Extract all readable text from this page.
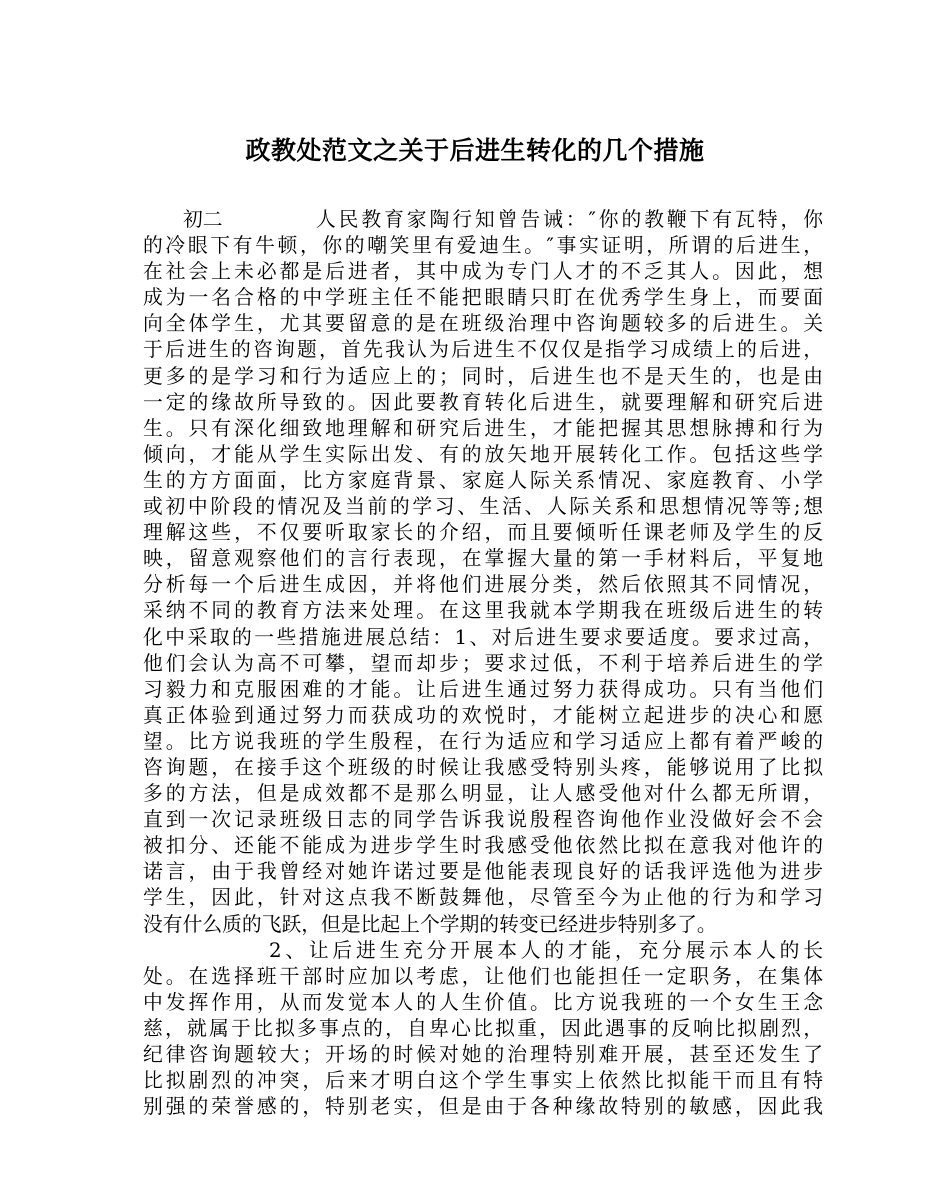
政教处范文之关于后进生转化的几个措施
初二	人民教育家陶行知曾告诫：″你的教鞭下有瓦特，你
的冷眼下有牛顿，你的嘲笑里有爱迪生。″事实证明，所谓的后进生，
在社会上未必都是后进者，其中成为专门人才的不乏其人。因此，想
成为一名合格的中学班主任不能把眼睛只盯在优秀学生身上，而要面
向全体学生，尤其要留意的是在班级治理中咨询题较多的后进生。关
于后进生的咨询题，首先我认为后进生不仅仅是指学习成绩上的后进，
更多的是学习和行为适应上的；同时，后进生也不是天生的，也是由
一定的缘故所导致的。因此要教育转化后进生，就要理解和研究后进
生。只有深化细致地理解和研究后进生，才能把握其思想脉搏和行为
倾向，才能从学生实际出发、有的放矢地开展转化工作。包括这些学
生的方方面面，比方家庭背景、家庭人际关系情况、家庭教育、小学
或初中阶段的情况及当前的学习、生活、人际关系和思想情况等等;想
理解这些，不仅要听取家长的介绍，而且要倾听任课老师及学生的反
映，留意观察他们的言行表现，在掌握大量的第一手材料后，平复地
分析每一个后进生成因，并将他们进展分类，然后依照其不同情况，
采纳不同的教育方法来处理。在这里我就本学期我在班级后进生的转
化中采取的一些措施进展总结：1、对后进生要求要适度。要求过高，
他们会认为高不可攀，望而却步；要求过低，不利于培养后进生的学
习毅力和克服困难的才能。让后进生通过努力获得成功。只有当他们
真正体验到通过努力而获成功的欢悦时，才能树立起进步的决心和愿
望。比方说我班的学生殷程，在行为适应和学习适应上都有着严峻的
咨询题，在接手这个班级的时候让我感受特别头疼，能够说用了比拟
多的方法，但是成效都不是那么明显，让人感受他对什么都无所谓，
直到一次记录班级日志的同学告诉我说殷程咨询他作业没做好会不会
被扣分、还能不能成为进步学生时我感受他依然比拟在意我对他许的
诺言，由于我曾经对她许诺过要是他能表现良好的话我评选他为进步
学生，因此，针对这点我不断鼓舞他，尽管至今为止他的行为和学习
没有什么质的飞跃，但是比起上个学期的转变已经进步特别多了。
2、让后进生充分开展本人的才能，充分展示本人的长
处。在选择班干部时应加以考虑，让他们也能担任一定职务，在集体
中发挥作用，从而发觉本人的人生价值。比方说我班的一个女生王念
慈，就属于比拟多事点的，自卑心比拟重，因此遇事的反响比拟剧烈，
纪律咨询题较大；开场的时候对她的治理特别难开展，甚至还发生了
比拟剧烈的冲突，后来才明白这个学生事实上依然比拟能干而且有特
别强的荣誉感的，特别老实，但是由于各种缘故特别的敏感，因此我
